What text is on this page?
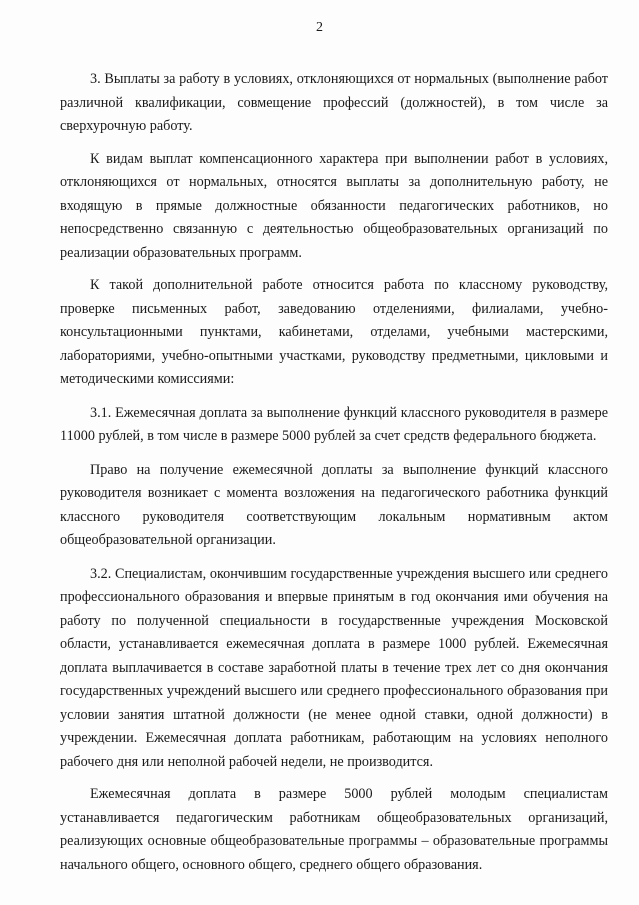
2

3. Выплаты за работу в условиях, отклоняющихся от нормальных (выполнение работ различной квалификации, совмещение профессий (должностей), в том числе за сверхурочную работу.

К видам выплат компенсационного характера при выполнении работ в условиях, отклоняющихся от нормальных, относятся выплаты за дополнительную работу, не входящую в прямые должностные обязанности педагогических работников, но непосредственно связанную с деятельностью общеобразовательных организаций по реализации образовательных программ.

К такой дополнительной работе относится работа по классному руководству, проверке письменных работ, заведованию отделениями, филиалами, учебно-консультационными пунктами, кабинетами, отделами, учебными мастерскими, лабораториями, учебно-опытными участками, руководству предметными, цикловыми и методическими комиссиями:

3.1. Ежемесячная доплата за выполнение функций классного руководителя в размере 11000 рублей, в том числе в размере 5000 рублей за счет средств федерального бюджета.

Право на получение ежемесячной доплаты за выполнение функций классного руководителя возникает с момента возложения на педагогического работника функций классного руководителя соответствующим локальным нормативным актом общеобразовательной организации.

3.2. Специалистам, окончившим государственные учреждения высшего или среднего профессионального образования и впервые принятым в год окончания ими обучения на работу по полученной специальности в государственные учреждения Московской области, устанавливается ежемесячная доплата в размере 1000 рублей. Ежемесячная доплата выплачивается в составе заработной платы в течение трех лет со дня окончания государственных учреждений высшего или среднего профессионального образования при условии занятия штатной должности (не менее одной ставки, одной должности) в учреждении. Ежемесячная доплата работникам, работающим на условиях неполного рабочего дня или неполной рабочей недели, не производится.

Ежемесячная доплата в размере 5000 рублей молодым специалистам устанавливается педагогическим работникам общеобразовательных организаций, реализующих основные общеобразовательные программы – образовательные программы начального общего, основного общего, среднего общего образования.
